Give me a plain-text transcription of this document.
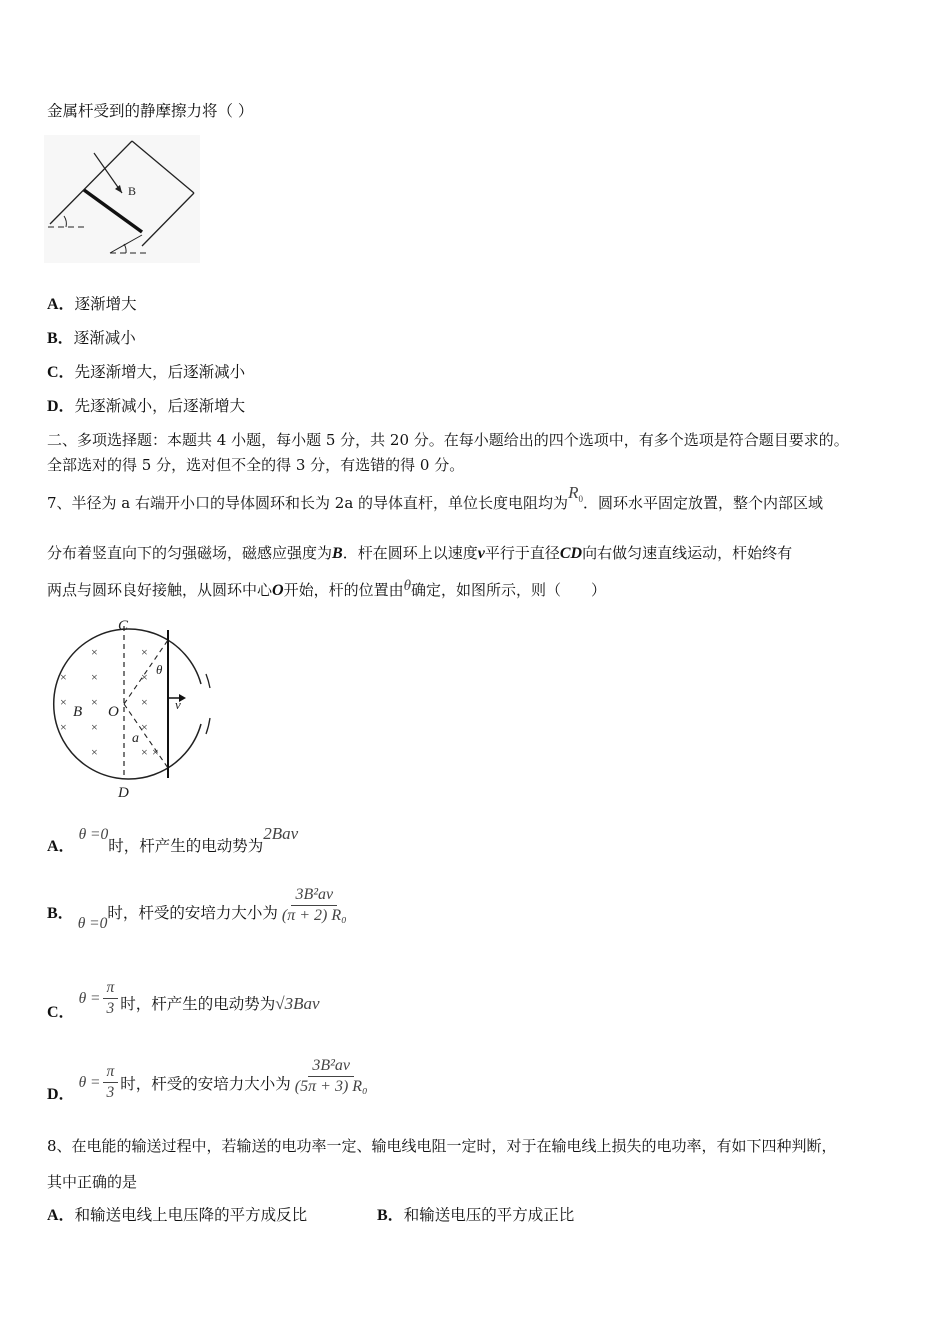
金属杆受到的静摩擦力将（ ）
B
A．逐渐增大
B．逐渐减小
C．先逐渐增大，后逐渐减小
D．先逐渐减小，后逐渐增大
二、多项选择题：本题共 4 小题，每小题 5 分，共 20 分。在每小题给出的四个选项中，有多个选项是符合题目要求的。
全部选对的得 5 分，选对但不全的得 3 分，有选错的得 0 分。
7、半径为 a 右端开小口的导体圆环和长为 2a 的导体直杆，单位长度电阻均为$R_0$．圆环水平固定放置，整个内部区域
分布着竖直向下的匀强磁场，磁感应强度为B．杆在圆环上以速度v平行于直径CD向右做匀速直线运动，杆始终有
两点与圆环良好接触，从圆环中心O开始，杆的位置由θ确定，如图所示，则（　　）
×	×
× ×	×
× ×	×
× ×	×
×	× ×
C
D
O
B
a
θ
v
A．θ =0时，杆产生的电动势为2Bav
B．θ =0时，杆受的安培力大小为 $\frac{\text{3B²av}}{\text{(π + 2) R₀}}$
C．$\theta = \frac{\pi}{3}$ 时，杆产生的电动势为√3Bav
D．$\theta = \frac{\pi}{3}$ 时，杆受的安培力大小为 $\frac{\text{3B²av}}{\text{(5π + 3) R₀}}$
8、在电能的输送过程中，若输送的电功率一定、输电线电阻一定时，对于在输电线上损失的电功率，有如下四种判断，
其中正确的是
A．和输送电线上电压降的平方成反比	B．和输送电压的平方成正比
